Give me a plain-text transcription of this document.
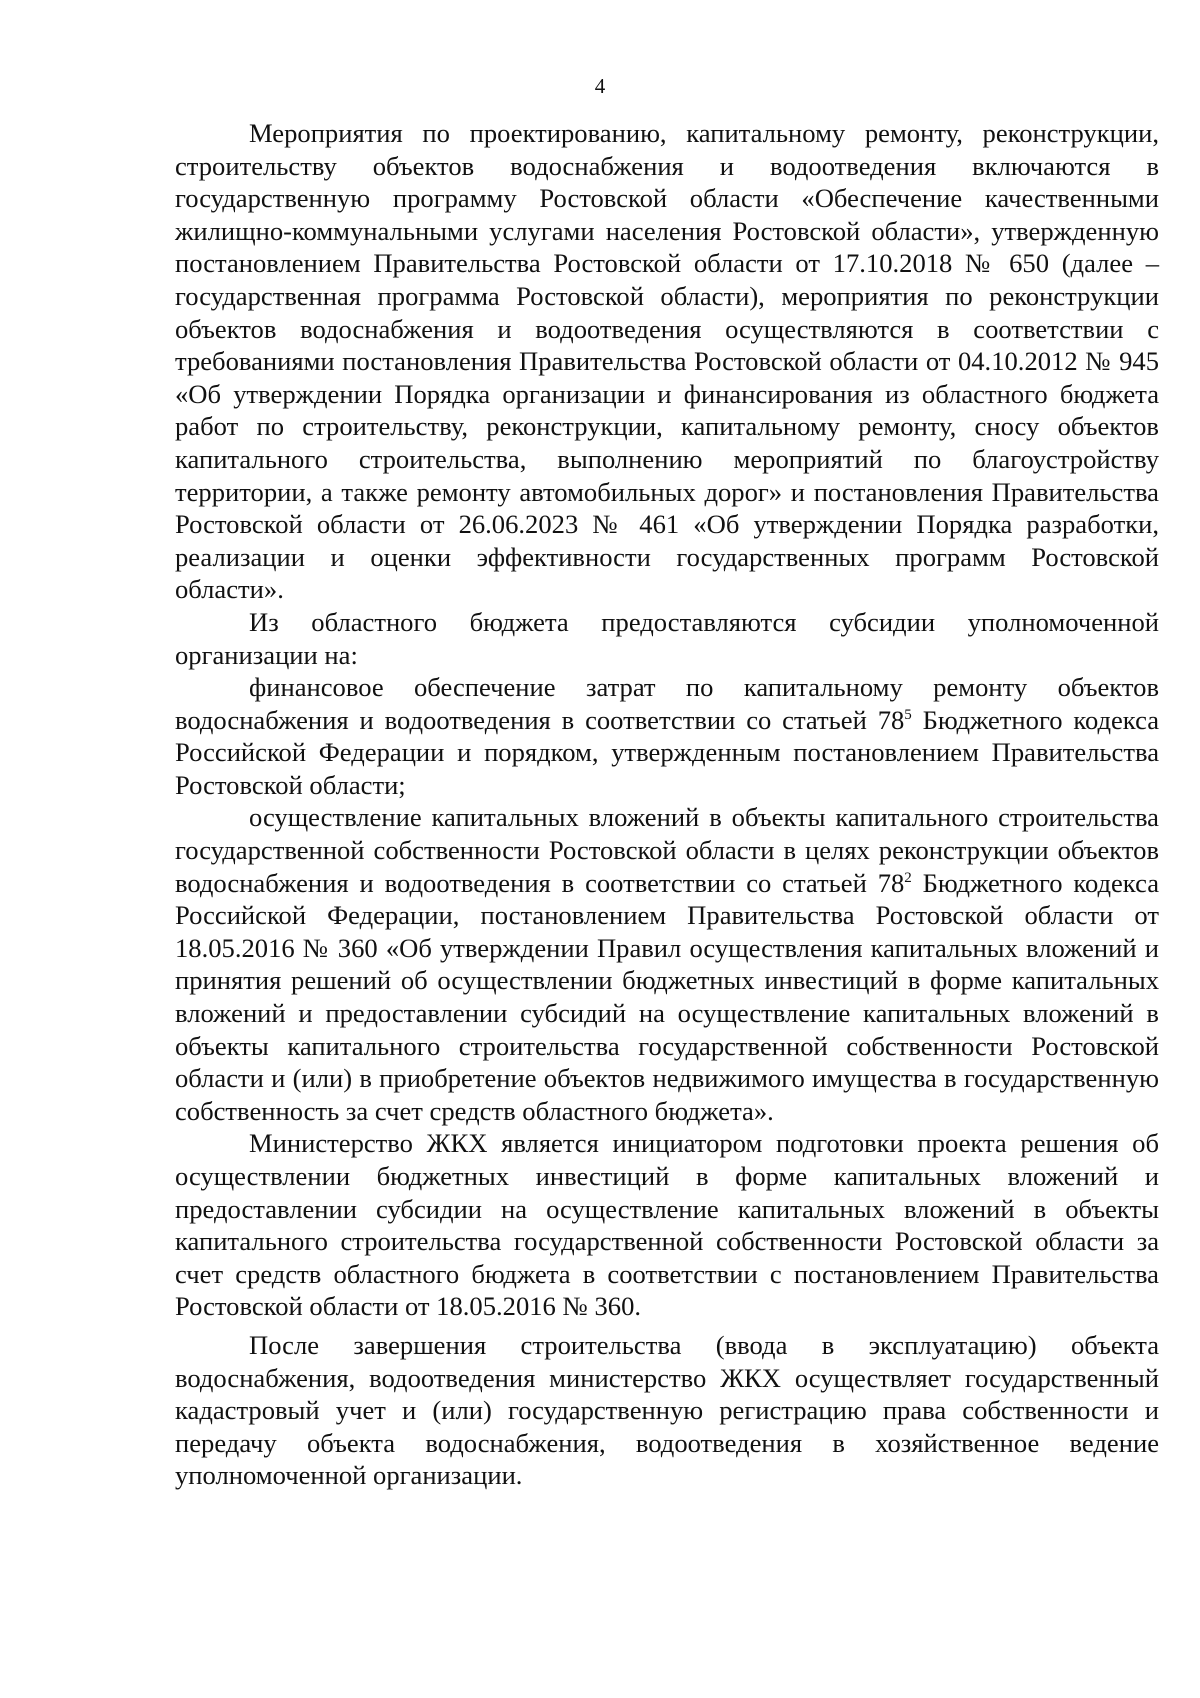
4

Мероприятия по проектированию, капитальному ремонту, реконструкции, строительству объектов водоснабжения и водоотведения включаются в государственную программу Ростовской области «Обеспечение качественными жилищно-коммунальными услугами населения Ростовской области», утвержденную постановлением Правительства Ростовской области от 17.10.2018 № 650 (далее – государственная программа Ростовской области), мероприятия по реконструкции объектов водоснабжения и водоотведения осуществляются в соответствии с требованиями постановления Правительства Ростовской области от 04.10.2012 № 945 «Об утверждении Порядка организации и финансирования из областного бюджета работ по строительству, реконструкции, капитальному ремонту, сносу объектов капитального строительства, выполнению мероприятий по благоустройству территории, а также ремонту автомобильных дорог» и постановления Правительства Ростовской области от 26.06.2023 № 461 «Об утверждении Порядка разработки, реализации и оценки эффективности государственных программ Ростовской области».

Из областного бюджета предоставляются субсидии уполномоченной организации на:

финансовое обеспечение затрат по капитальному ремонту объектов водоснабжения и водоотведения в соответствии со статьей $78^5$ Бюджетного кодекса Российской Федерации и порядком, утвержденным постановлением Правительства Ростовской области;

осуществление капитальных вложений в объекты капитального строительства государственной собственности Ростовской области в целях реконструкции объектов водоснабжения и водоотведения в соответствии со статьей $78^2$ Бюджетного кодекса Российской Федерации, постановлением Правительства Ростовской области от 18.05.2016 № 360 «Об утверждении Правил осуществления капитальных вложений и принятия решений об осуществлении бюджетных инвестиций в форме капитальных вложений и предоставлении субсидий на осуществление капитальных вложений в объекты капитального строительства государственной собственности Ростовской области и (или) в приобретение объектов недвижимого имущества в государственную собственность за счет средств областного бюджета».

Министерство ЖКХ является инициатором подготовки проекта решения об осуществлении бюджетных инвестиций в форме капитальных вложений и предоставлении субсидии на осуществление капитальных вложений в объекты капитального строительства государственной собственности Ростовской области за счет средств областного бюджета в соответствии с постановлением Правительства Ростовской области от 18.05.2016 № 360.

После завершения строительства (ввода в эксплуатацию) объекта водоснабжения, водоотведения министерство ЖКХ осуществляет государственный кадастровый учет и (или) государственную регистрацию права собственности и передачу объекта водоснабжения, водоотведения в хозяйственное ведение уполномоченной организации.
